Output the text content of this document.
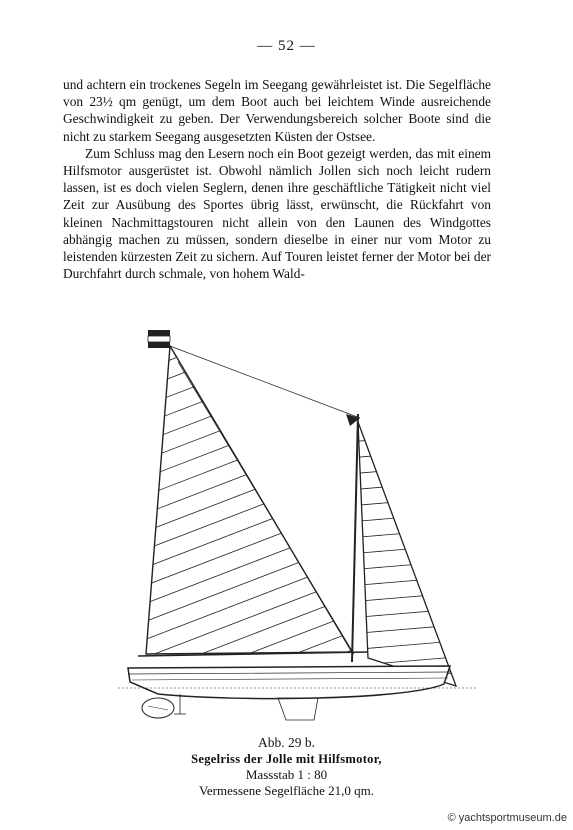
— 52 —

und achtern ein trockenes Segeln im Seegang gewährleistet ist. Die Segelfläche von 23½ qm genügt, um dem Boot auch bei leichtem Winde ausreichende Geschwindigkeit zu geben. Der Verwendungsbereich solcher Boote sind die nicht zu starkem Seegang ausgesetzten Küsten der Ostsee.

Zum Schluss mag den Lesern noch ein Boot gezeigt werden, das mit einem Hilfsmotor ausgerüstet ist. Obwohl nämlich Jollen sich noch leicht rudern lassen, ist es doch vielen Seglern, denen ihre geschäftliche Tätigkeit nicht viel Zeit zur Ausübung des Sportes übrig lässt, erwünscht, die Rückfahrt von kleinen Nachmittagstouren nicht allein von den Launen des Windgottes abhängig machen zu müssen, sondern dieselbe in einer nur vom Motor zu leistenden kürzesten Zeit zu sichern. Auf Touren leistet ferner der Motor bei der Durchfahrt durch schmale, von hohem Wald-

Abb. 29 b.
Segelriss der Jolle mit Hilfsmotor,
Massstab 1 : 80
Vermessene Segelfläche 21,0 qm.
© yachtsportmuseum.de
